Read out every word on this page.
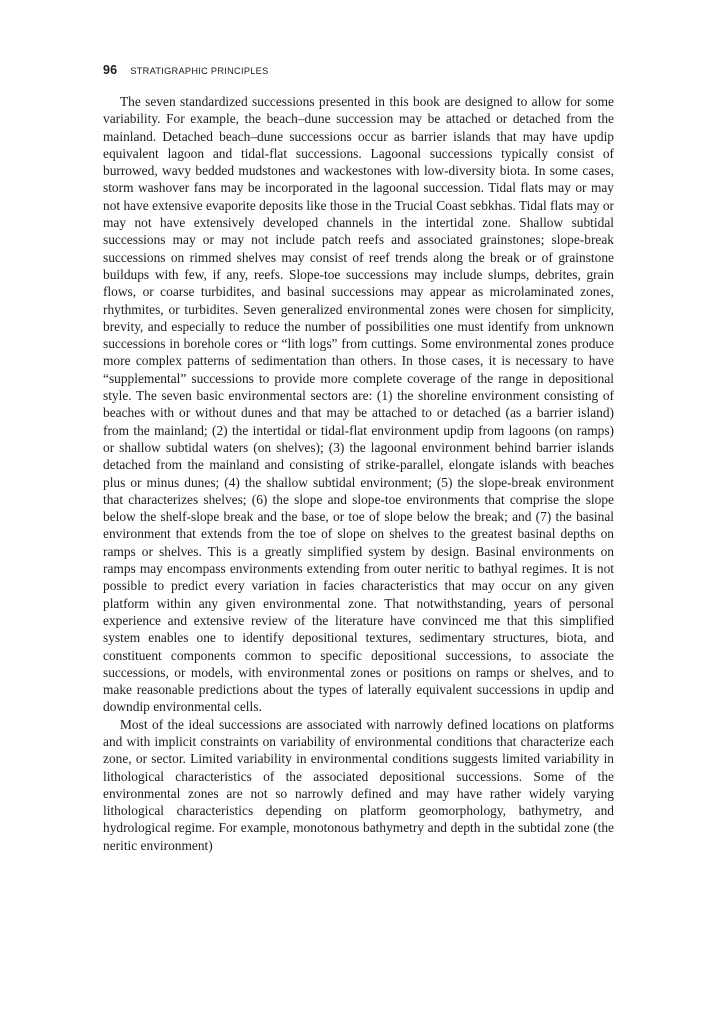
96 STRATIGRAPHIC PRINCIPLES

The seven standardized successions presented in this book are designed to allow for some variability. For example, the beach–dune succession may be attached or detached from the mainland. Detached beach–dune successions occur as barrier islands that may have updip equivalent lagoon and tidal-flat successions. Lagoonal successions typically consist of burrowed, wavy bedded mudstones and wackestones with low-diversity biota. In some cases, storm washover fans may be incorporated in the lagoonal succession. Tidal flats may or may not have extensive evaporite deposits like those in the Trucial Coast sebkhas. Tidal flats may or may not have extensively developed channels in the intertidal zone. Shallow subtidal successions may or may not include patch reefs and associated grainstones; slope-break successions on rimmed shelves may consist of reef trends along the break or of grainstone buildups with few, if any, reefs. Slope-toe successions may include slumps, debrites, grain flows, or coarse turbidites, and basinal successions may appear as microlaminated zones, rhythmites, or turbidites. Seven generalized environmental zones were chosen for simplicity, brevity, and especially to reduce the number of possibilities one must identify from unknown successions in borehole cores or “lith logs” from cuttings. Some environmental zones produce more complex patterns of sedimentation than others. In those cases, it is necessary to have “supplemental” successions to provide more complete coverage of the range in depositional style. The seven basic environmental sectors are: (1) the shoreline environment consisting of beaches with or without dunes and that may be attached to or detached (as a barrier island) from the mainland; (2) the intertidal or tidal-flat environment updip from lagoons (on ramps) or shallow subtidal waters (on shelves); (3) the lagoonal environment behind barrier islands detached from the mainland and consisting of strike-parallel, elongate islands with beaches plus or minus dunes; (4) the shallow subtidal environment; (5) the slope-break environment that characterizes shelves; (6) the slope and slope-toe environments that comprise the slope below the shelf-slope break and the base, or toe of slope below the break; and (7) the basinal environment that extends from the toe of slope on shelves to the greatest basinal depths on ramps or shelves. This is a greatly simplified system by design. Basinal environments on ramps may encompass environments extending from outer neritic to bathyal regimes. It is not possible to predict every variation in facies characteristics that may occur on any given platform within any given environmental zone. That notwithstanding, years of personal experience and extensive review of the literature have convinced me that this simplified system enables one to identify depositional textures, sedimentary structures, biota, and constituent components common to specific depositional successions, to associate the successions, or models, with environmental zones or positions on ramps or shelves, and to make reasonable predictions about the types of laterally equivalent successions in updip and downdip environmental cells.

Most of the ideal successions are associated with narrowly defined locations on platforms and with implicit constraints on variability of environmental conditions that characterize each zone, or sector. Limited variability in environmental conditions suggests limited variability in lithological characteristics of the associated depositional successions. Some of the environmental zones are not so narrowly defined and may have rather widely varying lithological characteristics depending on platform geomorphology, bathymetry, and hydrological regime. For example, monotonous bathymetry and depth in the subtidal zone (the neritic environment)
